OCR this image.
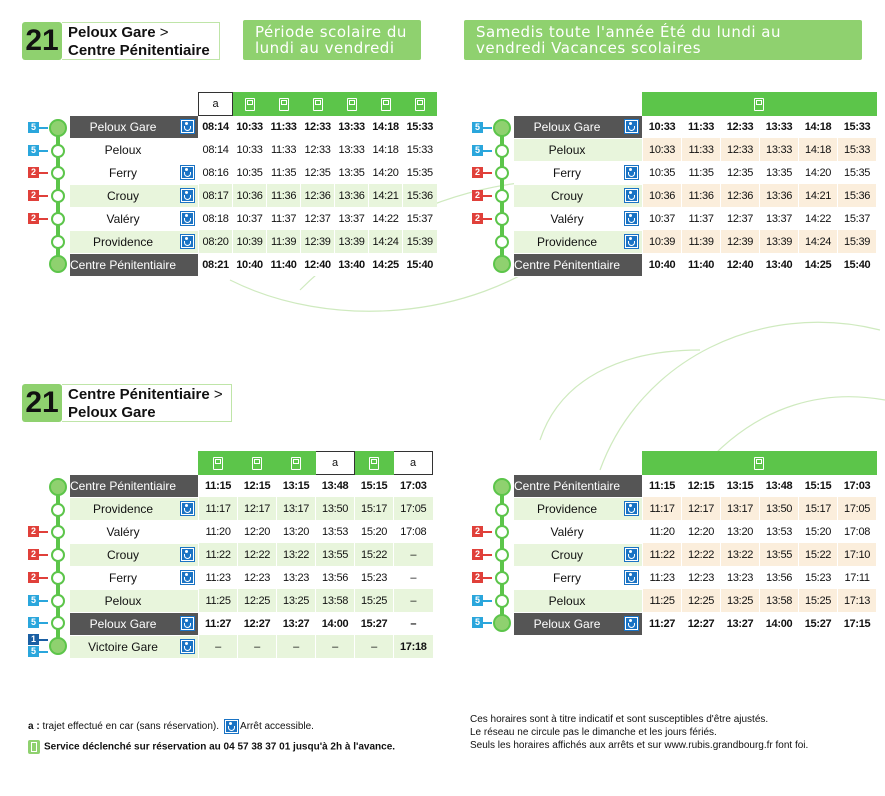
21 Peloux Gare >
Centre Pénitentiaire
Période scolaire du lundi au vendredi
Samedis toute l'année Été du lundi au vendredi Vacances scolaires
21 Centre Pénitentiaire >
Peloux Gare
5
5
2
2
2
5
5
2
2
2
2
2
2
5
5
1
5
2
2
2
5
5
		a						
Peloux Gare		08:14	10:33	11:33	12:33	13:33	14:18	15:33
Peloux		08:14	10:33	11:33	12:33	13:33	14:18	15:33
Ferry		08:16	10:35	11:35	12:35	13:35	14:20	15:35
Crouy		08:17	10:36	11:36	12:36	13:36	14:21	15:36
Valéry		08:18	10:37	11:37	12:37	13:37	14:22	15:37
Providence		08:20	10:39	11:39	12:39	13:39	14:24	15:39
Centre Pénitentiaire		08:21	10:40	11:40	12:40	13:40	14:25	15:40

Peloux Gare		10:33	11:33	12:33	13:33	14:18	15:33
Peloux		10:33	11:33	12:33	13:33	14:18	15:33
Ferry		10:35	11:35	12:35	13:35	14:20	15:35
Crouy		10:36	11:36	12:36	13:36	14:21	15:36
Valéry		10:37	11:37	12:37	13:37	14:22	15:37
Providence		10:39	11:39	12:39	13:39	14:24	15:39
Centre Pénitentiaire		10:40	11:40	12:40	13:40	14:25	15:40
					a		a
Centre Pénitentiaire		11:15	12:15	13:15	13:48	15:15	17:03
Providence		11:17	12:17	13:17	13:50	15:17	17:05
Valéry		11:20	12:20	13:20	13:53	15:20	17:08
Crouy		11:22	12:22	13:22	13:55	15:22	–
Ferry		11:23	12:23	13:23	13:56	15:23	–
Peloux		11:25	12:25	13:25	13:58	15:25	–
Peloux Gare		11:27	12:27	13:27	14:00	15:27	–
Victoire Gare		–	–	–	–	–	17:18

Centre Pénitentiaire		11:15	12:15	13:15	13:48	15:15	17:03
Providence		11:17	12:17	13:17	13:50	15:17	17:05
Valéry		11:20	12:20	13:20	13:53	15:20	17:08
Crouy		11:22	12:22	13:22	13:55	15:22	17:10
Ferry		11:23	12:23	13:23	13:56	15:23	17:11
Peloux		11:25	12:25	13:25	13:58	15:25	17:13
Peloux Gare		11:27	12:27	13:27	14:00	15:27	17:15
a : trajet effectué en car (sans réservation). Arrêt accessible.
Service déclenché sur réservation au 04 57 38 37 01 jusqu'à 2h à l'avance.
Ces horaires sont à titre indicatif et sont susceptibles d'être ajustés.
Le réseau ne circule pas le dimanche et les jours fériés.
Seuls les horaires affichés aux arrêts et sur www.rubis.grandbourg.fr font foi.
